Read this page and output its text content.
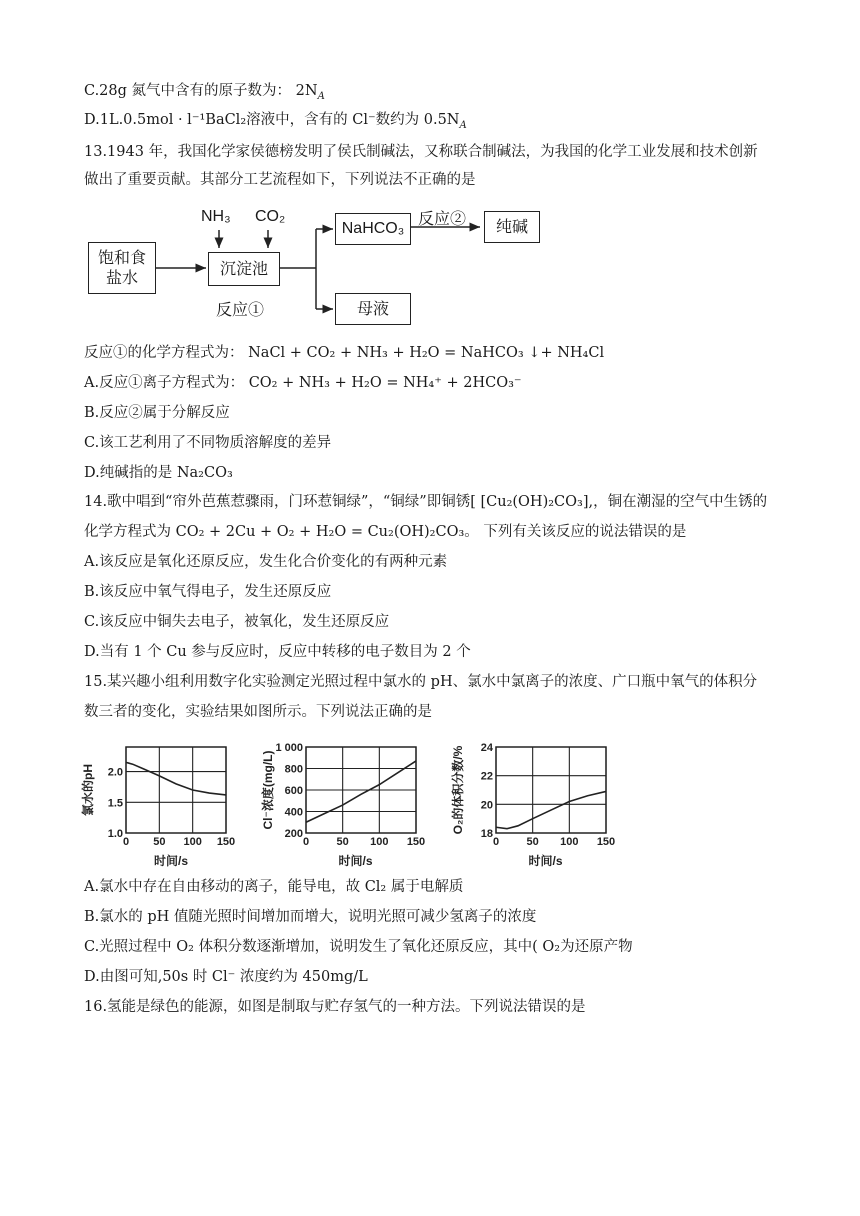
C.28g 氮气中含有的原子数为： $2N_A$
D.1L.0.5mol · l⁻¹BaCl₂溶液中，含有的 Cl⁻数约为 $0.5N_A$
13.1943 年，我国化学家侯德榜发明了侯氏制碱法，又称联合制碱法，为我国的化学工业发展和技术创新
做出了重要贡献。其部分工艺流程如下，下列说法不正确的是
饱和食盐水
NH₃ CO₂
沉淀池
反应①
NaHCO₃
反应②	纯碱
母液
反应①的化学方程式为： NaCl + CO₂ + NH₃ + H₂O = NaHCO₃ ↓+ NH₄Cl
A.反应①离子方程式为： CO₂ + NH₃ + H₂O = NH₄⁺ + 2HCO₃⁻
B.反应②属于分解反应
C.该工艺利用了不同物质溶解度的差异
D.纯碱指的是 Na₂CO₃
14.歌中唱到“帘外芭蕉惹骤雨，门环惹铜绿”，“铜绿”即铜锈[ [Cu₂(OH)₂CO₃],，铜在潮湿的空气中生锈的
化学方程式为 CO₂ + 2Cu + O₂ + H₂O = Cu₂(OH)₂CO₃。 下列有关该反应的说法错误的是
A.该反应是氧化还原反应，发生化合价变化的有两种元素
B.该反应中氧气得电子，发生还原反应
C.该反应中铜失去电子，被氧化，发生还原反应
D.当有 1 个 Cu 参与反应时，反应中转移的电子数目为 2 个
15.某兴趣小组利用数字化实验测定光照过程中氯水的 pH、氯水中氯离子的浓度、广口瓶中氧气的体积分
数三者的变化，实验结果如图所示。下列说法正确的是
0 50 100 150
1.0
1.5
2.0
时间/s
氯水的pH
0 50 100 150
200
400
600
800
1 000
时间/s
Cl⁻浓度(mg/L)
0 50 100 150
18
20
22
24
时间/s
O₂的体积分数/%
A.氯水中存在自由移动的离子，能导电，故 Cl₂ 属于电解质
B.氯水的 pH 值随光照时间增加而增大，说明光照可减少氢离子的浓度
C.光照过程中 O₂ 体积分数逐渐增加，说明发生了氧化还原反应，其中( O₂为还原产物
D.由图可知,50s 时 Cl⁻ 浓度约为 450mg/L
16.氢能是绿色的能源，如图是制取与贮存氢气的一种方法。下列说法错误的是
